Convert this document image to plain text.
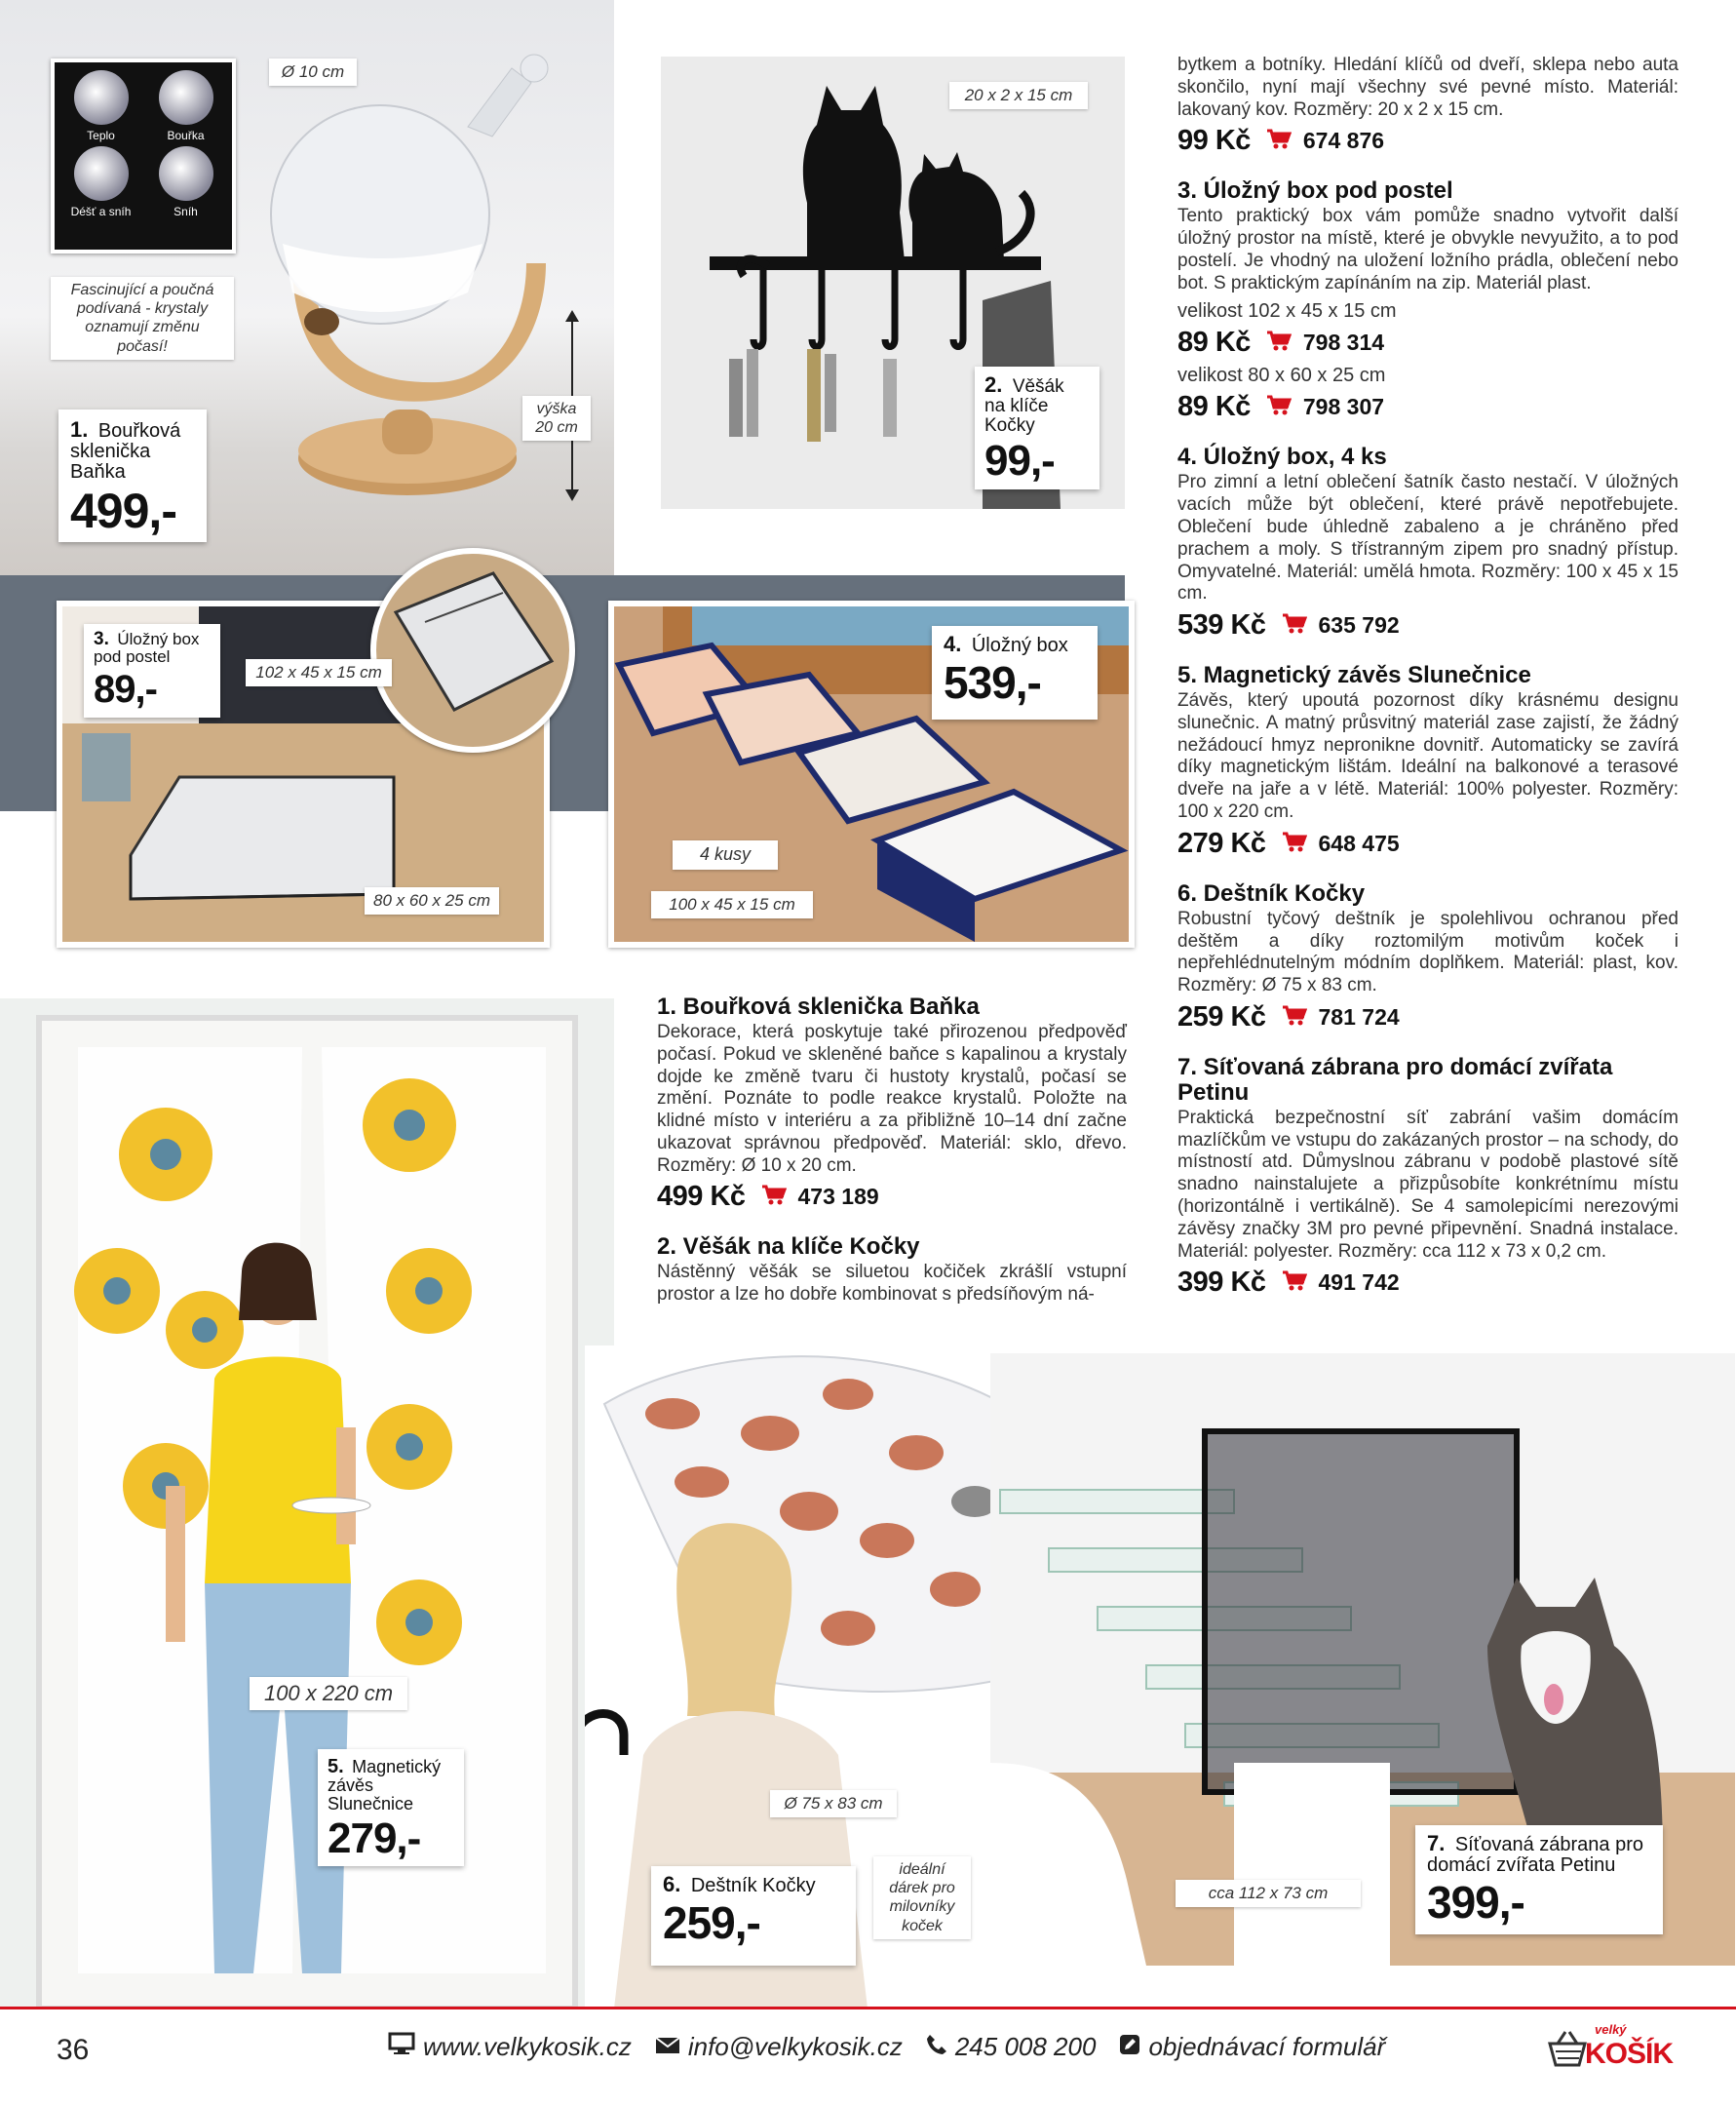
Teplo	Bouřka
Déšť a sníh	Sníh
Fascinující a poučná podívaná - krystaly oznamují změnu počasí!
Ø 10 cm
výška 20 cm
1. Bouřková sklenička Baňka
499,-
20 x 2 x 15 cm
2. Věšák na klíče Kočky
99,-
102 x 45 x 15 cm
80 x 60 x 25 cm
3. Úložný box pod postel
89,-
4 kusy
100 x 45 x 15 cm
4. Úložný box
539,-
100 x 220 cm
5. Magnetický závěs Slunečnice
279,-
1. Bouřková sklenička Baňka

Dekorace, která poskytuje také přirozenou předpověď počasí. Pokud ve skleněné baňce s kapalinou a krystaly dojde ke změně tvaru či hustoty krystalů, počasí se změní. Poznáte to podle reakce krystalů. Položte na klidné místo v interiéru a za přibližně 10–14 dní začne ukazovat správnou předpověď. Materiál: sklo, dřevo. Rozměry: Ø 10 x 20 cm.

499 Kč 473 189
2. Věšák na klíče Kočky

Nástěnný věšák se siluetou kočiček zkrášlí vstupní prostor a lze ho dobře kombinovat s předsíňovým ná-

bytkem a botníky. Hledání klíčů od dveří, sklepa nebo auta skončilo, nyní mají všechny své pevné místo. Materiál: lakovaný kov. Rozměry: 20 x 2 x 15 cm.

99 Kč 674 876
3. Úložný box pod postel

Tento praktický box vám pomůže snadno vytvořit další úložný prostor na místě, které je obvykle nevyužito, a to pod postelí. Je vhodný na uložení ložního prádla, oblečení nebo bot. S praktickým zapínáním na zip. Materiál plast.

velikost 102 x 45 x 15 cm
89 Kč 798 314
velikost 80 x 60 x 25 cm
89 Kč 798 307
4. Úložný box, 4 ks

Pro zimní a letní oblečení šatník často nestačí. V úložných vacích může být oblečení, které právě nepotřebujete. Oblečení bude úhledně zabaleno a je chráněno před prachem a moly. S třístranným zipem pro snadný přístup. Omyvatelné. Materiál: umělá hmota. Rozměry: 100 x 45 x 15 cm.

539 Kč 635 792
5. Magnetický závěs Slunečnice

Závěs, který upoutá pozornost díky krásnému designu slunečnic. A matný průsvitný materiál zase zajistí, že žádný nežádoucí hmyz nepronikne dovnitř. Automaticky se zavírá díky magnetickým lištám. Ideální na balkonové a terasové dveře na jaře a v létě. Materiál: 100% polyester. Rozměry: 100 x 220 cm.

279 Kč 648 475
6. Deštník Kočky

Robustní tyčový deštník je spolehlivou ochranou před deštěm a díky roztomilým motivům koček i nepřehlédnutelným módním doplňkem. Materiál: plast, kov. Rozměry: Ø 75 x 83 cm.

259 Kč 781 724
7. Síťovaná zábrana pro domácí zvířata Petinu

Praktická bezpečnostní síť zabrání vašim domácím mazlíčkům ve vstupu do zakázaných prostor – na schody, do místností atd. Důmyslnou zábranu v podobě plastové sítě snadno nainstalujete a přizpůsobíte konkrétnímu místu (horizontálně i vertikálně). Se 4 samolepicími nerezovými závěsy značky 3M pro pevné připevnění. Snadná instalace. Materiál: polyester. Rozměry: cca 112 x 73 x 0,2 cm.

399 Kč 491 742
Ø 75 x 83 cm
ideální dárek pro milovníky koček
6. Deštník Kočky
259,-
cca 112 x 73 cm
7. Síťovaná zábrana pro domácí zvířata Petinu
399,-
36	www.velkykosik.cz info@velkykosik.cz 245 008 200 objednávací formulář
velký
KOŠÍK
